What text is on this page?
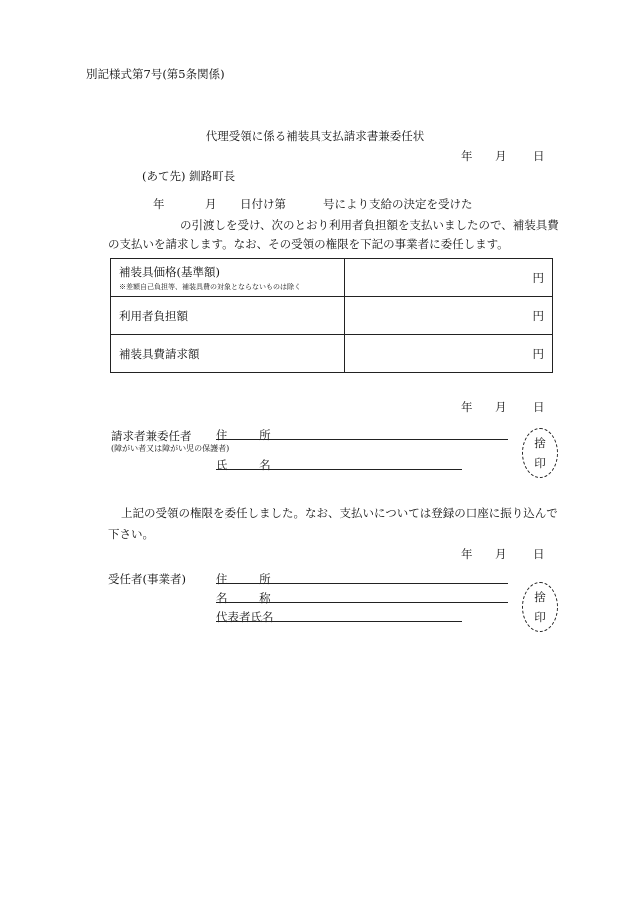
別記様式第7号(第5条関係)
代理受領に係る補装具支払請求書兼委任状
年	月	日
(あて先) 釧路町長
年	月 日付け第	号により支給の決定を受けた
の引渡しを受け、次のとおり利用者負担額を支払いましたので、補装具費
の支払いを請求します。なお、その受領の権限を下記の事業者に委任します。
補装具価格(基準額)
※差額自己負担等、補装具費の対象とならないものは除く	円
利用者負担額	円
補装具費請求額	円
年	月	日
請求者兼委任者
(障がい者又は障がい児の保護者)
住 所
氏 名
捨
印
上記の受領の権限を委任しました。なお、支払いについては登録の口座に振り込んで
下さい。
年	月	日
受任者(事業者)	住 所
名 称
代表者氏名
捨
印
